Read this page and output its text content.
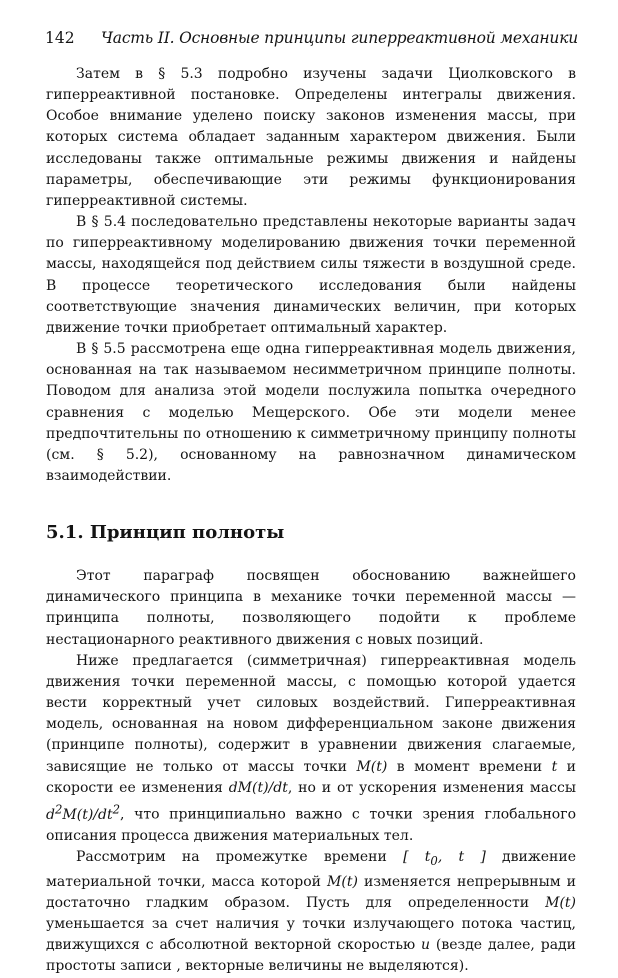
142 Часть II. Основные принципы гиперреактивной механики

Затем в § 5.3 подробно изучены задачи Циолковского в гиперреактивной постановке. Определены интегралы движения. Особое внимание уделено поиску законов изменения массы, при которых система обладает заданным характером движения. Были исследованы также оптимальные режимы движения и найдены параметры, обеспечивающие эти режимы функционирования гиперреактивной системы.

В § 5.4 последовательно представлены некоторые варианты задач по гиперреактивному моделированию движения точки переменной массы, находящейся под действием силы тяжести в воздушной среде. В процессе теоретического исследования были найдены соответствующие значения динамических величин, при которых движение точки приобретает оптимальный характер.

В § 5.5 рассмотрена еще одна гиперреактивная модель движения, основанная на так называемом несимметричном принципе полноты. Поводом для анализа этой модели послужила попытка очередного сравнения с моделью Мещерского. Обе эти модели менее предпочтительны по отношению к симметричному принципу полноты (см. § 5.2), основанному на равнозначном динамическом взаимодействии.

5.1. Принцип полноты

Этот параграф посвящен обоснованию важнейшего динамического принципа в механике точки переменной массы — принципа полноты, позволяющего подойти к проблеме нестационарного реактивного движения с новых позиций.

Ниже предлагается (симметричная) гиперреактивная модель движения точки переменной массы, с помощью которой удается вести корректный учет силовых воздействий. Гиперреактивная модель, основанная на новом дифференциальном законе движения (принципе полноты), содержит в уравнении движения слагаемые, зависящие не только от массы точки M(t) в момент времени t и скорости ее изменения dM(t)/dt, но и от ускорения изменения массы $d^2M(t)/dt^2$, что принципиально важно с точки зрения глобального описания процесса движения материальных тел.

Рассмотрим на промежутке времени [ $t_0$, t ] движение материальной точки, масса которой M(t) изменяется непрерывным и достаточно гладким образом. Пусть для определенности M(t) уменьшается за счет наличия у точки излучающего потока частиц, движущихся с абсолютной векторной скоростью u (везде далее, ради простоты записи , векторные величины не выделяются).
